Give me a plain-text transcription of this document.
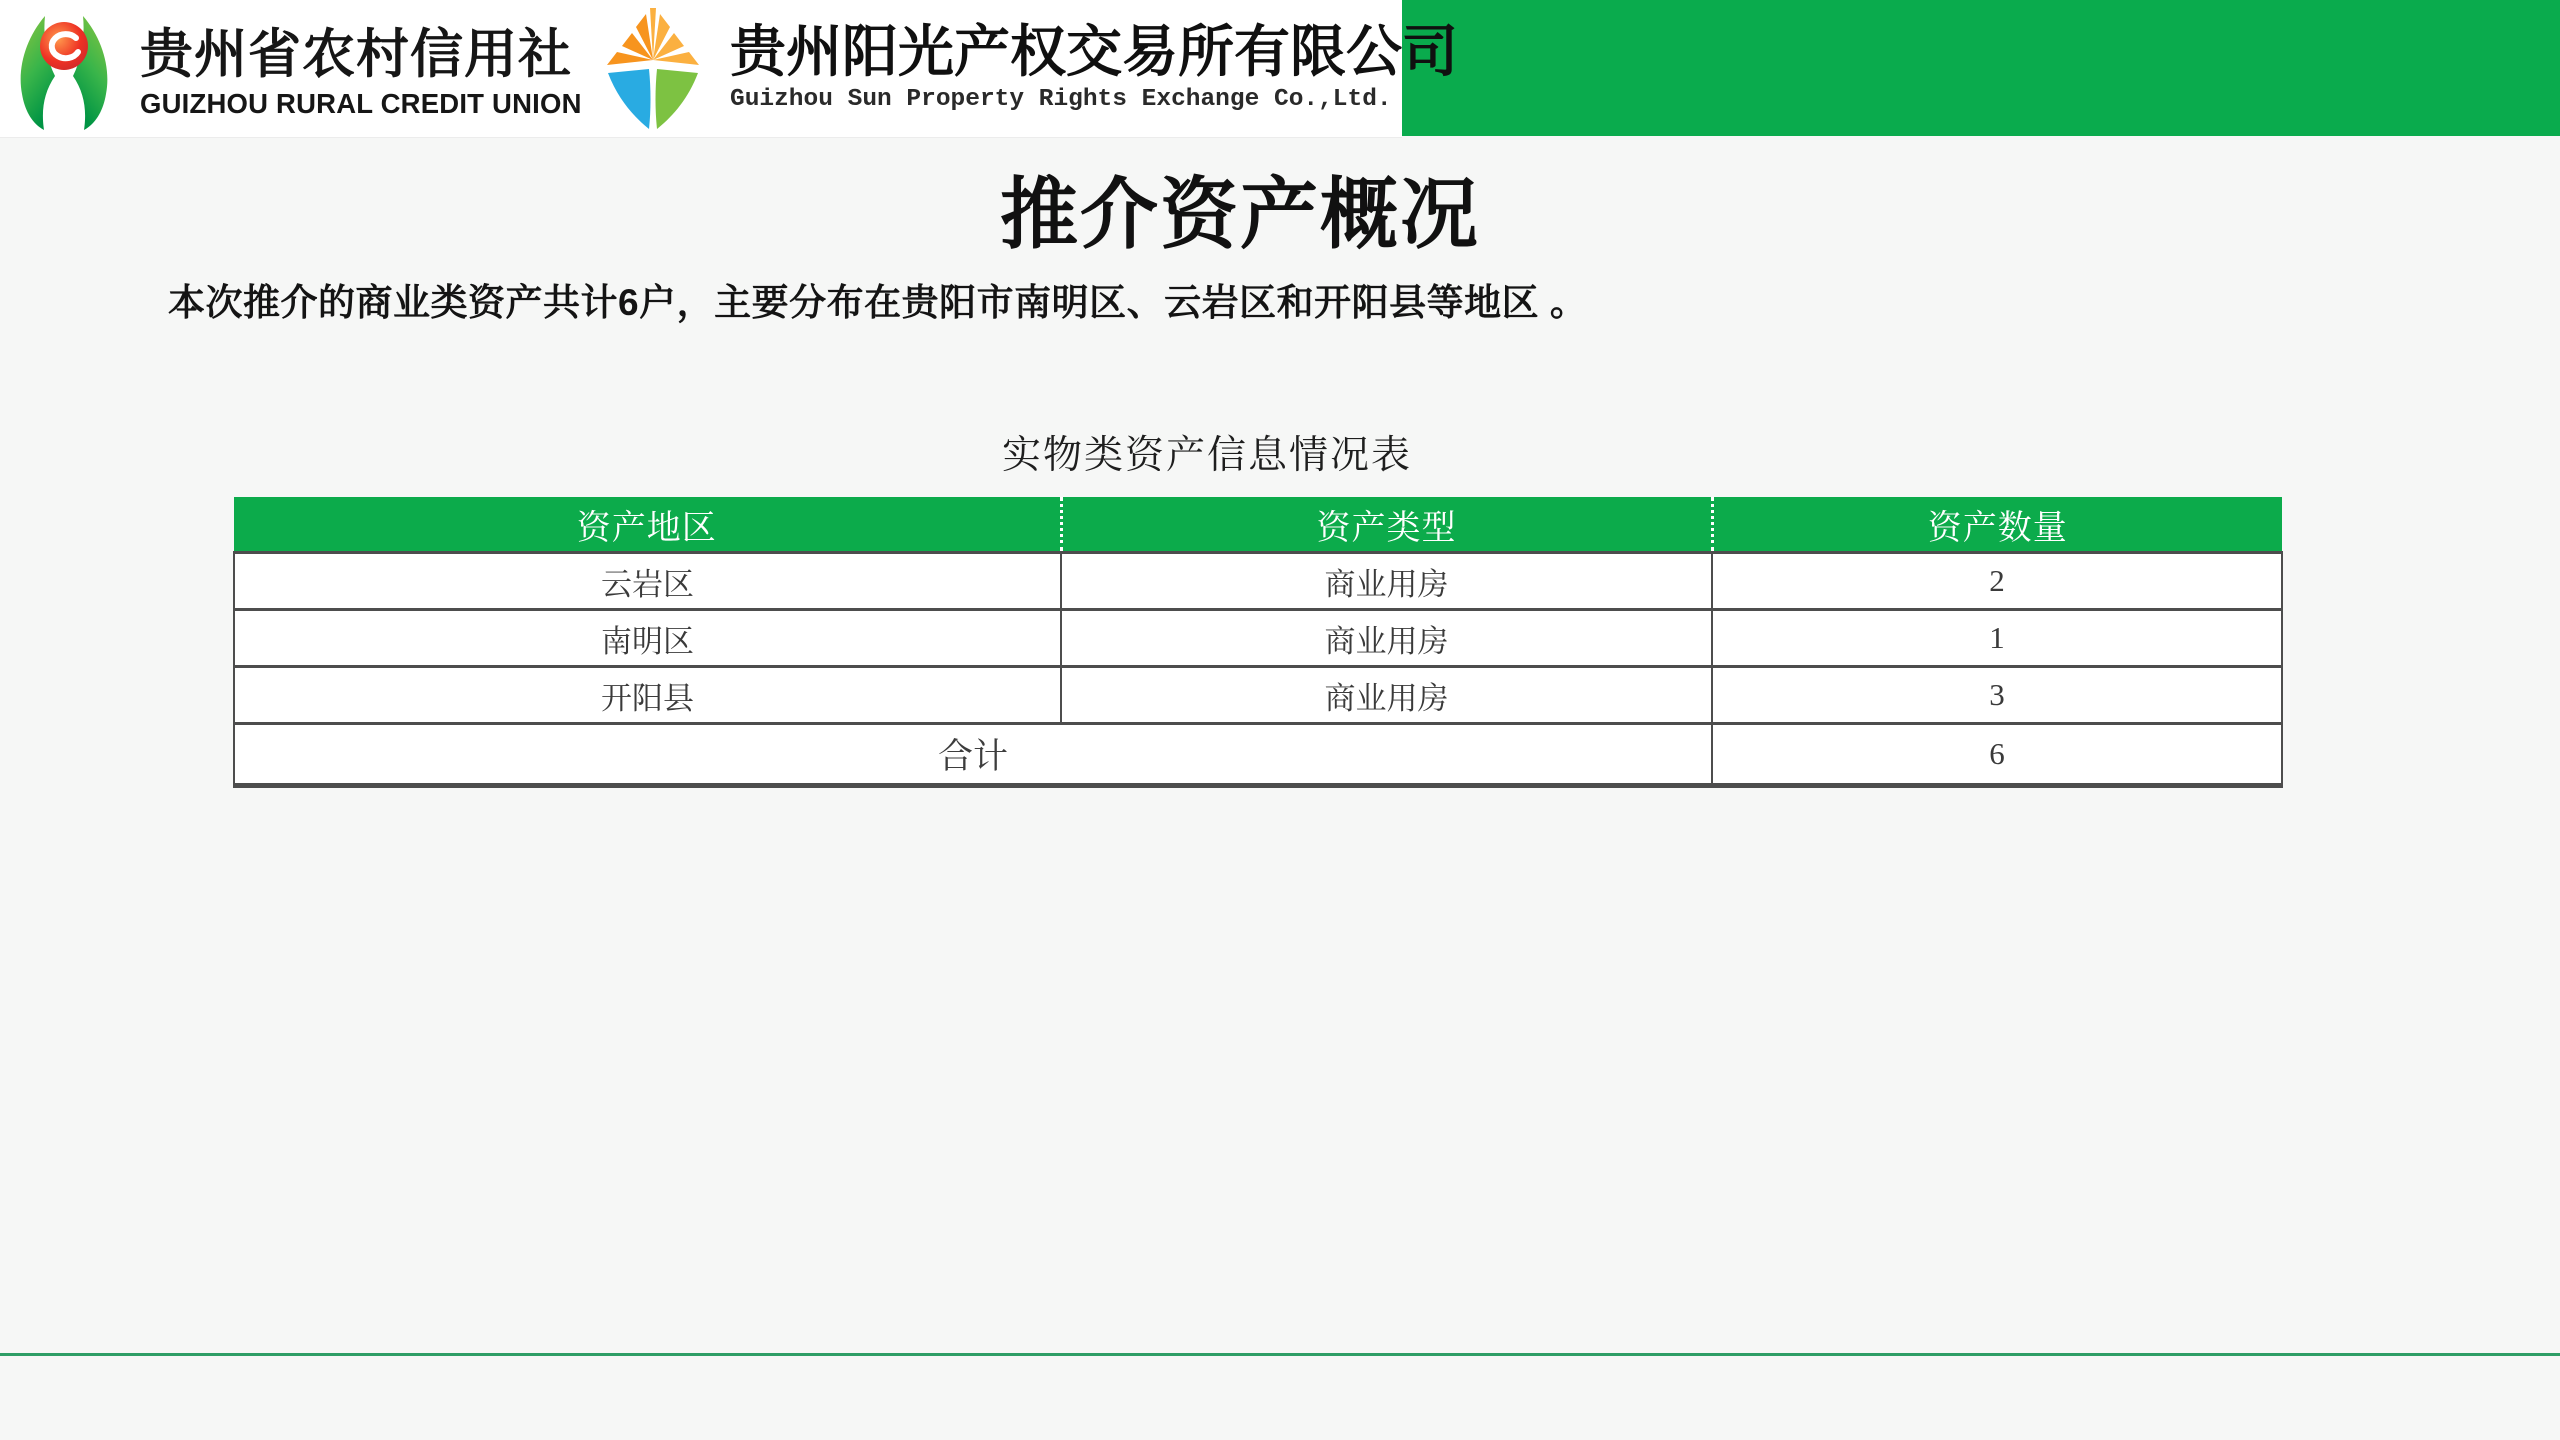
贵州省农村信用社
GUIZHOU RURAL CREDIT UNION
贵州阳光产权交易所有限公司
Guizhou Sun Property Rights Exchange Co.,Ltd.
推介资产概况
本次推介的商业类资产共计6户，主要分布在贵阳市南明区、云岩区和开阳县等地区 。
实物类资产信息情况表
资产地区	资产类型	资产数量
云岩区	商业用房	2
南明区	商业用房	1
开阳县	商业用房	3
合计		6
